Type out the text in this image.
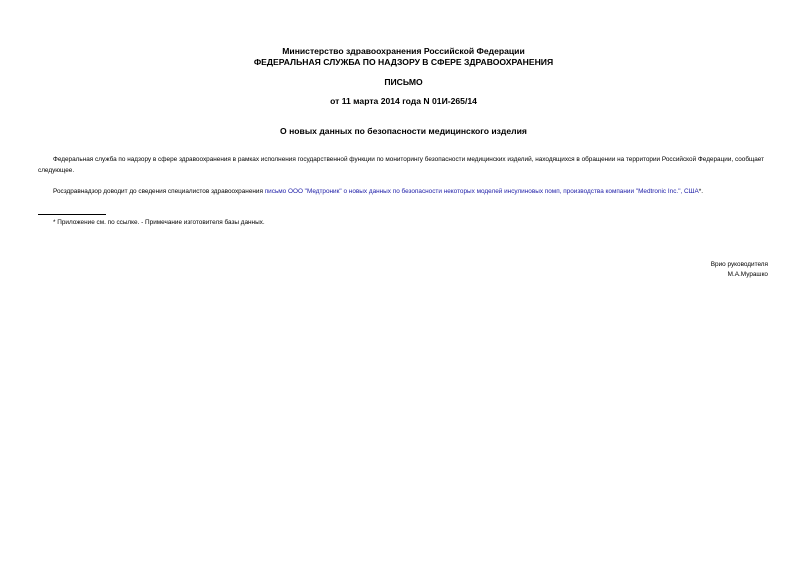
Министерство здравоохранения Российской Федерации
ФЕДЕРАЛЬНАЯ СЛУЖБА ПО НАДЗОРУ В СФЕРЕ ЗДРАВООХРАНЕНИЯ
ПИСЬМО
от 11 марта 2014 года N 01И-265/14
О новых данных по безопасности медицинского изделия
Федеральная служба по надзору в сфере здравоохранения в рамках исполнения государственной функции по мониторингу безопасности медицинских изделий, находящихся в обращении на территории Российской Федерации, сообщает следующее.
Росздравнадзор доводит до сведения специалистов здравоохранения письмо ООО "Медтроник" о новых данных по безопасности некоторых моделей инсулиновых помп, производства компании "Medtronic Inc.", США*.
* Приложение см. по ссылке. - Примечание изготовителя базы данных.
Врио руководителя
М.А.Мурашко
